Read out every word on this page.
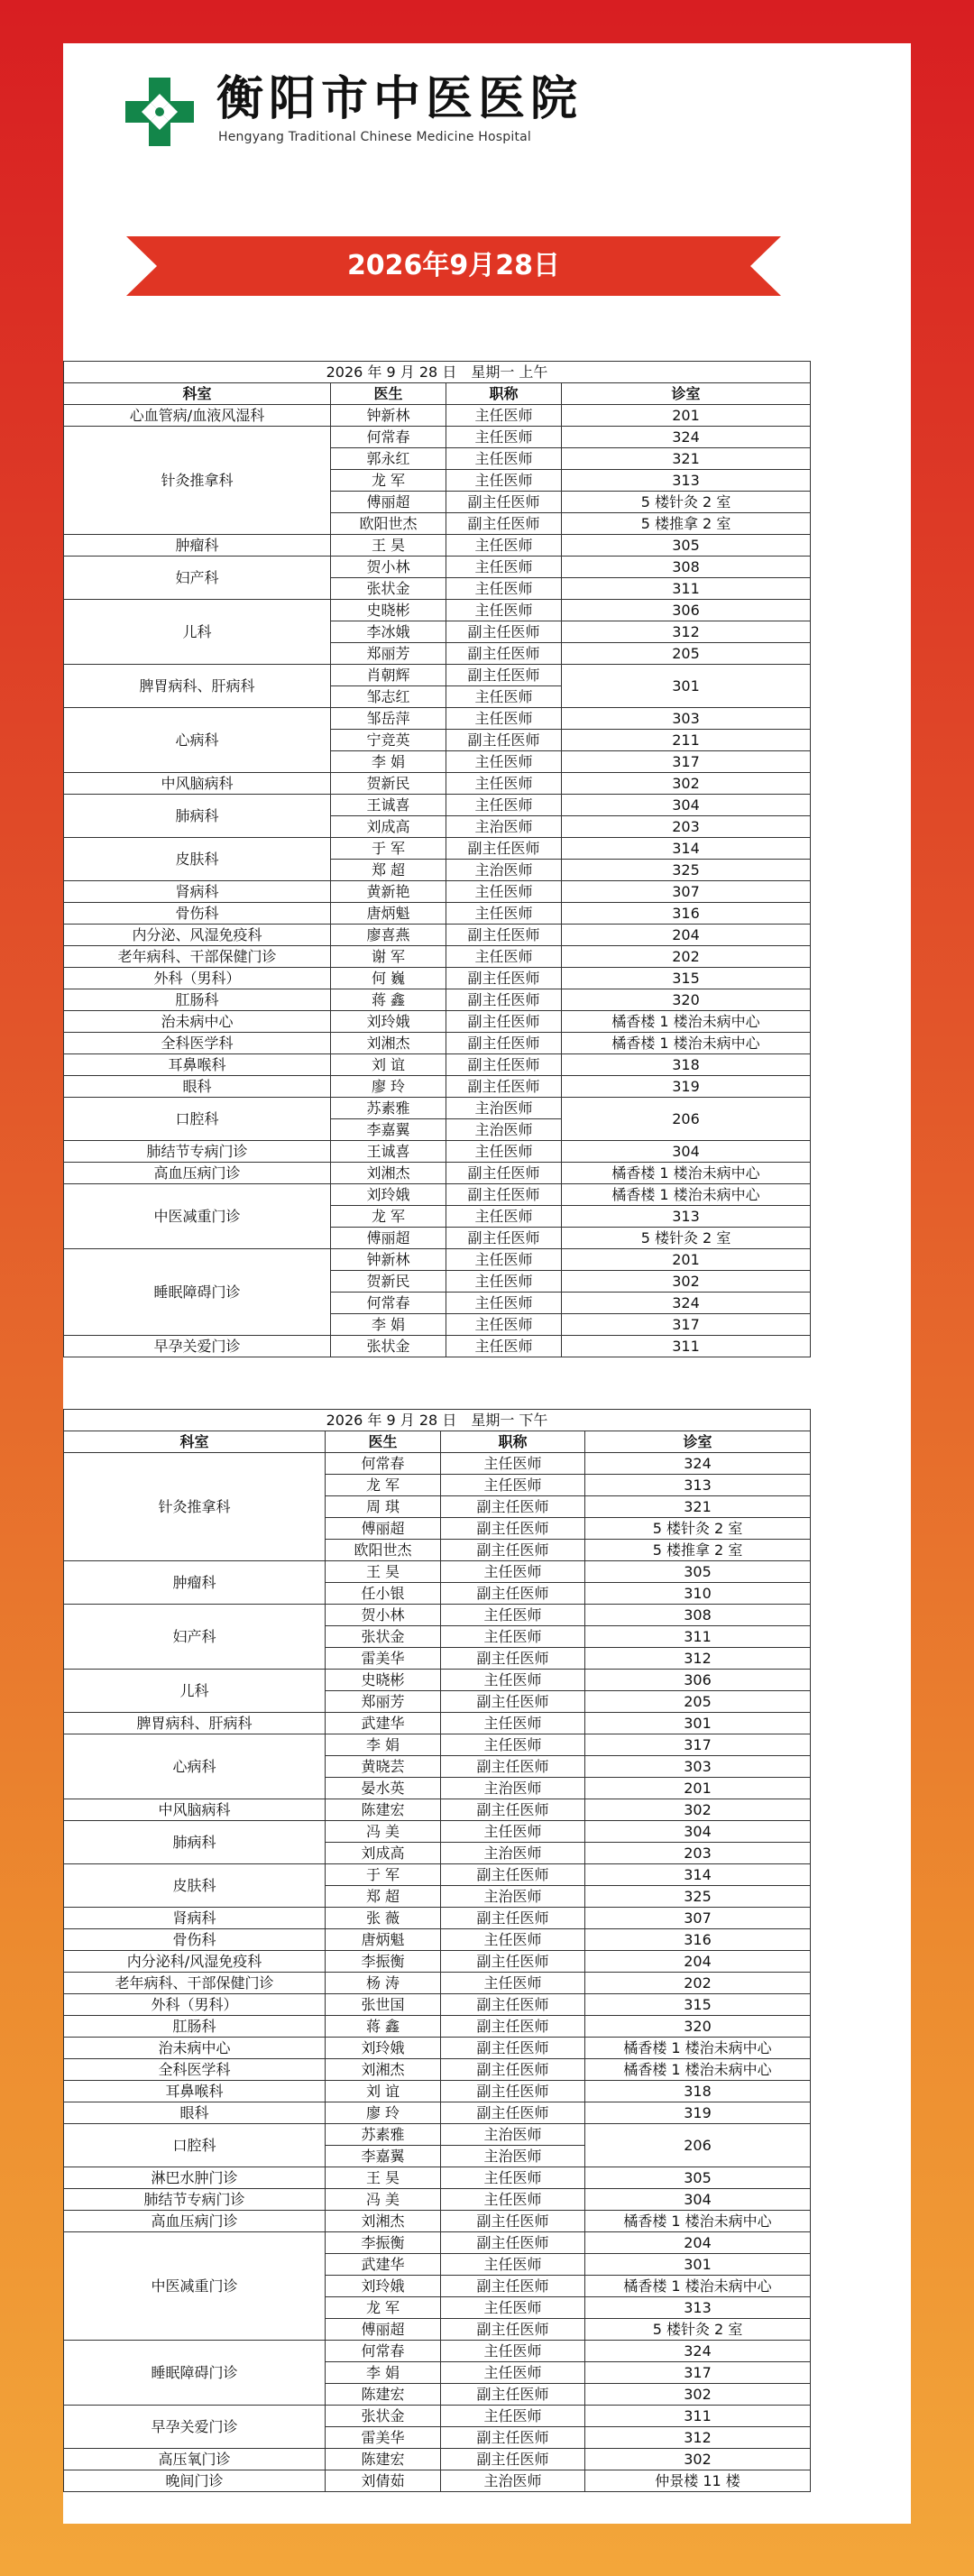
衡阳市中医医院
Hengyang Traditional Chinese Medicine Hospital
2026年9月28日
2026 年 9 月 28 日　星期一 上午			
科室	医生	职称	诊室
心血管病/血液风湿科	钟新林	主任医师	201
针灸推拿科	何常春	主任医师	324
	郭永红	主任医师	321
	龙 军	主任医师	313
	傅丽超	副主任医师	5 楼针灸 2 室
	欧阳世杰	副主任医师	5 楼推拿 2 室
肿瘤科	王 昊	主任医师	305
妇产科	贺小林	主任医师	308
	张状金	主任医师	311
儿科	史晓彬	主任医师	306
	李冰娥	副主任医师	312
	郑丽芳	副主任医师	205
脾胃病科、肝病科	肖朝辉	副主任医师	301
	邹志红	主任医师	
心病科	邹岳萍	主任医师	303
	宁竞英	副主任医师	211
	李 娟	主任医师	317
中风脑病科	贺新民	主任医师	302
肺病科	王诚喜	主任医师	304
	刘成高	主治医师	203
皮肤科	于 军	副主任医师	314
	郑 超	主治医师	325
肾病科	黄新艳	主任医师	307
骨伤科	唐炳魁	主任医师	316
内分泌、风湿免疫科	廖喜燕	副主任医师	204
老年病科、干部保健门诊	谢 军	主任医师	202
外科（男科）	何 巍	副主任医师	315
肛肠科	蒋 鑫	副主任医师	320
治未病中心	刘玲娥	副主任医师	橘香楼 1 楼治未病中心
全科医学科	刘湘杰	副主任医师	橘香楼 1 楼治未病中心
耳鼻喉科	刘 谊	副主任医师	318
眼科	廖 玲	副主任医师	319
口腔科	苏素雅	主治医师	206
	李嘉翼	主治医师	
肺结节专病门诊	王诚喜	主任医师	304
高血压病门诊	刘湘杰	副主任医师	橘香楼 1 楼治未病中心
中医减重门诊	刘玲娥	副主任医师	橘香楼 1 楼治未病中心
	龙 军	主任医师	313
	傅丽超	副主任医师	5 楼针灸 2 室
睡眠障碍门诊	钟新林	主任医师	201
	贺新民	主任医师	302
	何常春	主任医师	324
	李 娟	主任医师	317
早孕关爱门诊	张状金	主任医师	311
2026 年 9 月 28 日　星期一 下午			
科室	医生	职称	诊室
针灸推拿科	何常春	主任医师	324
	龙 军	主任医师	313
	周 琪	副主任医师	321
	傅丽超	副主任医师	5 楼针灸 2 室
	欧阳世杰	副主任医师	5 楼推拿 2 室
肿瘤科	王 昊	主任医师	305
	任小银	副主任医师	310
妇产科	贺小林	主任医师	308
	张状金	主任医师	311
	雷美华	副主任医师	312
儿科	史晓彬	主任医师	306
	郑丽芳	副主任医师	205
脾胃病科、肝病科	武建华	主任医师	301
心病科	李 娟	主任医师	317
	黄晓芸	副主任医师	303
	晏水英	主治医师	201
中风脑病科	陈建宏	副主任医师	302
肺病科	冯 美	主任医师	304
	刘成高	主治医师	203
皮肤科	于 军	副主任医师	314
	郑 超	主治医师	325
肾病科	张 薇	副主任医师	307
骨伤科	唐炳魁	主任医师	316
内分泌科/风湿免疫科	李振衡	副主任医师	204
老年病科、干部保健门诊	杨 涛	主任医师	202
外科（男科）	张世国	副主任医师	315
肛肠科	蒋 鑫	副主任医师	320
治未病中心	刘玲娥	副主任医师	橘香楼 1 楼治未病中心
全科医学科	刘湘杰	副主任医师	橘香楼 1 楼治未病中心
耳鼻喉科	刘 谊	副主任医师	318
眼科	廖 玲	副主任医师	319
口腔科	苏素雅	主治医师	206
	李嘉翼	主治医师	
淋巴水肿门诊	王 昊	主任医师	305
肺结节专病门诊	冯 美	主任医师	304
高血压病门诊	刘湘杰	副主任医师	橘香楼 1 楼治未病中心
中医减重门诊	李振衡	副主任医师	204
	武建华	主任医师	301
	刘玲娥	副主任医师	橘香楼 1 楼治未病中心
	龙 军	主任医师	313
	傅丽超	副主任医师	5 楼针灸 2 室
睡眠障碍门诊	何常春	主任医师	324
	李 娟	主任医师	317
	陈建宏	副主任医师	302
早孕关爱门诊	张状金	主任医师	311
	雷美华	副主任医师	312
高压氧门诊	陈建宏	副主任医师	302
晚间门诊	刘倩茹	主治医师	仲景楼 11 楼
